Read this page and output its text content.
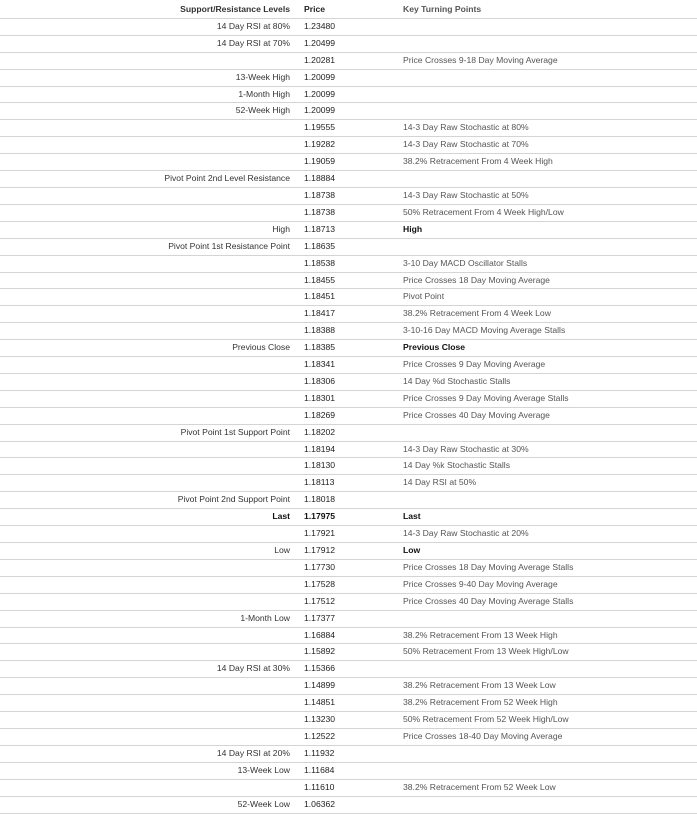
Support/Resistance Levels	Price	Key Turning Points
14 Day RSI at 80%	1.23480	
14 Day RSI at 70%	1.20499	
	1.20281	Price Crosses 9-18 Day Moving Average
13-Week High	1.20099	
1-Month High	1.20099	
52-Week High	1.20099	
	1.19555	14-3 Day Raw Stochastic at 80%
	1.19282	14-3 Day Raw Stochastic at 70%
	1.19059	38.2% Retracement From 4 Week High
Pivot Point 2nd Level Resistance	1.18884	
	1.18738	14-3 Day Raw Stochastic at 50%
	1.18738	50% Retracement From 4 Week High/Low
High	1.18713	High
Pivot Point 1st Resistance Point	1.18635	
	1.18538	3-10 Day MACD Oscillator Stalls
	1.18455	Price Crosses 18 Day Moving Average
	1.18451	Pivot Point
	1.18417	38.2% Retracement From 4 Week Low
	1.18388	3-10-16 Day MACD Moving Average Stalls
Previous Close	1.18385	Previous Close
	1.18341	Price Crosses 9 Day Moving Average
	1.18306	14 Day %d Stochastic Stalls
	1.18301	Price Crosses 9 Day Moving Average Stalls
	1.18269	Price Crosses 40 Day Moving Average
Pivot Point 1st Support Point	1.18202	
	1.18194	14-3 Day Raw Stochastic at 30%
	1.18130	14 Day %k Stochastic Stalls
	1.18113	14 Day RSI at 50%
Pivot Point 2nd Support Point	1.18018	
Last	1.17975	Last
	1.17921	14-3 Day Raw Stochastic at 20%
Low	1.17912	Low
	1.17730	Price Crosses 18 Day Moving Average Stalls
	1.17528	Price Crosses 9-40 Day Moving Average
	1.17512	Price Crosses 40 Day Moving Average Stalls
1-Month Low	1.17377	
	1.16884	38.2% Retracement From 13 Week High
	1.15892	50% Retracement From 13 Week High/Low
14 Day RSI at 30%	1.15366	
	1.14899	38.2% Retracement From 13 Week Low
	1.14851	38.2% Retracement From 52 Week High
	1.13230	50% Retracement From 52 Week High/Low
	1.12522	Price Crosses 18-40 Day Moving Average
14 Day RSI at 20%	1.11932	
13-Week Low	1.11684	
	1.11610	38.2% Retracement From 52 Week Low
52-Week Low	1.06362	
